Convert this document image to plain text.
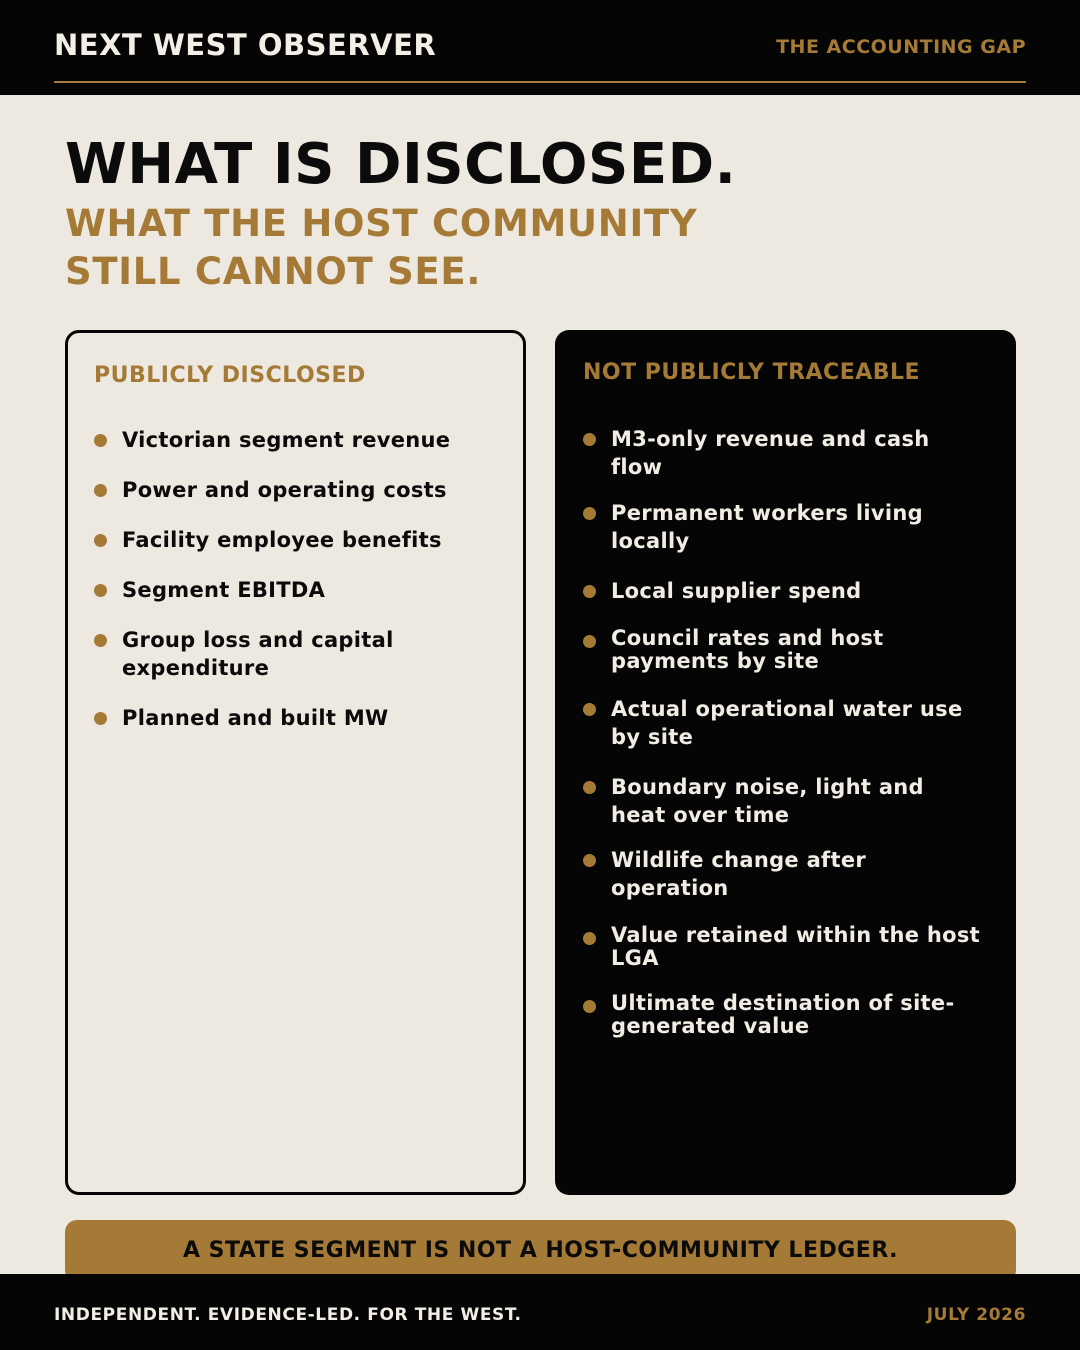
NEXT WEST OBSERVER	THE ACCOUNTING GAP
WHAT IS DISCLOSED.
WHAT THE HOST COMMUNITY STILL CANNOT SEE.
PUBLICLY DISCLOSED
Victorian segment revenue
Power and operating costs
Facility employee benefits
Segment EBITDA
Group loss and capital expenditure
Planned and built MW
NOT PUBLICLY TRACEABLE
M3-only revenue and cash flow
Permanent workers living locally
Local supplier spend
Council rates and host payments by site
Actual operational water use by site
Boundary noise, light and heat over time
Wildlife change after operation
Value retained within the host LGA
Ultimate destination of site-generated value
A STATE SEGMENT IS NOT A HOST-COMMUNITY LEDGER.
INDEPENDENT. EVIDENCE-LED. FOR THE WEST.	JULY 2026
